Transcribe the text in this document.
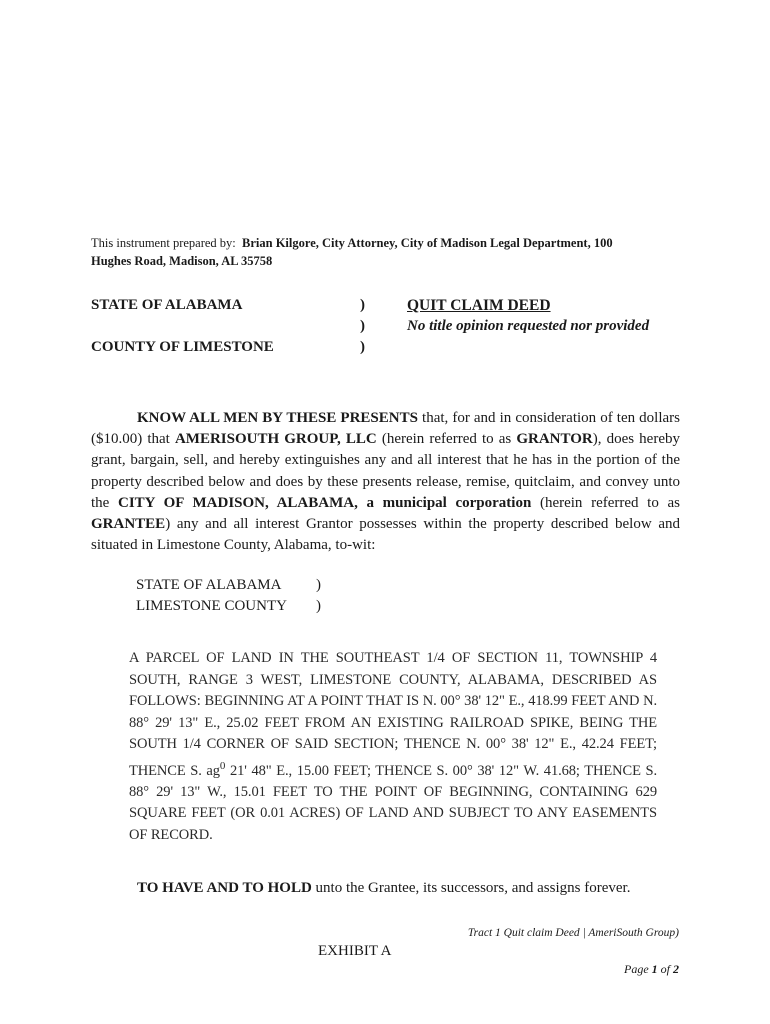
This instrument prepared by: Brian Kilgore, City Attorney, City of Madison Legal Department, 100
Hughes Road, Madison, AL 35758
STATE OF ALABAMA
COUNTY OF LIMESTONE
)
)
)
QUIT CLAIM DEED
No title opinion requested nor provided
KNOW ALL MEN BY THESE PRESENTS that, for and in consideration of ten dollars ($10.00) that AMERISOUTH GROUP, LLC (herein referred to as GRANTOR), does hereby grant, bargain, sell, and hereby extinguishes any and all interest that he has in the portion of the property described below and does by these presents release, remise, quitclaim, and convey unto the CITY OF MADISON, ALABAMA, a municipal corporation (herein referred to as GRANTEE) any and all interest Grantor possesses within the property described below and situated in Limestone County, Alabama, to-wit:
STATE OF ALABAMA
LIMESTONE COUNTY
)
)
A PARCEL OF LAND IN THE SOUTHEAST 1/4 OF SECTION 11, TOWNSHIP 4 SOUTH, RANGE 3 WEST, LIMESTONE COUNTY, ALABAMA, DESCRIBED AS FOLLOWS: BEGINNING AT A POINT THAT IS N. 00° 38' 12" E., 418.99 FEET AND N. 88° 29' 13" E., 25.02 FEET FROM AN EXISTING RAILROAD SPIKE, BEING THE SOUTH 1/4 CORNER OF SAID SECTION; THENCE N. 00° 38' 12" E., 42.24 FEET; THENCE S. $ag^0$ 21' 48" E., 15.00 FEET; THENCE S. 00° 38' 12" W. 41.68; THENCE S. 88° 29' 13" W., 15.01 FEET TO THE POINT OF BEGINNING, CONTAINING 629 SQUARE FEET (OR 0.01 ACRES) OF LAND AND SUBJECT TO ANY EASEMENTS OF RECORD.
TO HAVE AND TO HOLD unto the Grantee, its successors, and assigns forever.
Tract 1 Quit claim Deed | AmeriSouth Group)
EXHIBIT A
Page 1 of 2
